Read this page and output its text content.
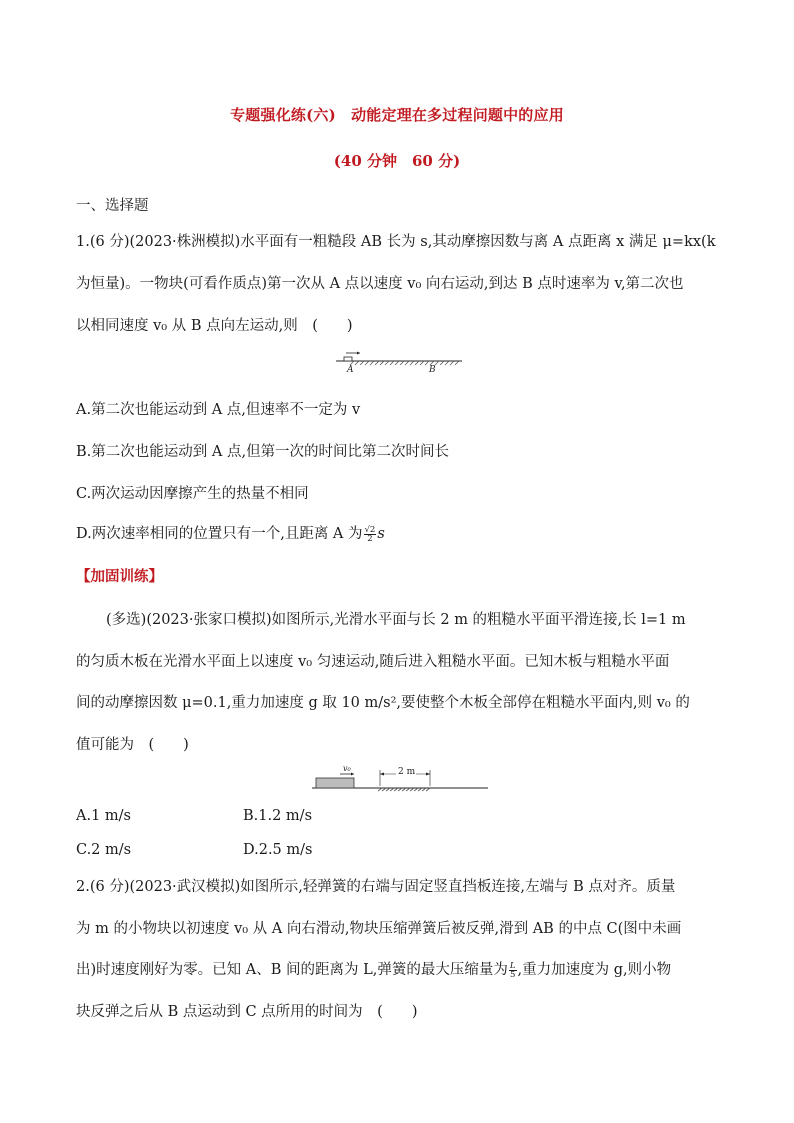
专题强化练(六)　动能定理在多过程问题中的应用
(40 分钟　60 分)
一、选择题
1.(6 分)(2023·株洲模拟)水平面有一粗糙段 AB 长为 s,其动摩擦因数与离 A 点距离 x 满足 μ=kx(k
为恒量)。一物块(可看作质点)第一次从 A 点以速度 v₀ 向右运动,到达 B 点时速率为 v,第二次也
以相同速度 v₀ 从 B 点向左运动,则　(　　)
A	B
A.第二次也能运动到 A 点,但速率不一定为 v
B.第二次也能运动到 A 点,但第一次的时间比第二次时间长
C.两次运动因摩擦产生的热量不相同
D.两次速率相同的位置只有一个,且距离 A 为 $\frac{√2}{2}$ s
【加固训练】
(多选)(2023·张家口模拟)如图所示,光滑水平面与长 2 m 的粗糙水平面平滑连接,长 l=1 m
的匀质木板在光滑水平面上以速度 v₀ 匀速运动,随后进入粗糙水平面。已知木板与粗糙水平面
间的动摩擦因数 μ=0.1,重力加速度 g 取 10 m/s²,要使整个木板全部停在粗糙水平面内,则 v₀ 的
值可能为　(　　)
v₀	2 m
A.1 m/s	B.1.2 m/s
C.2 m/s	D.2.5 m/s
2.(6 分)(2023·武汉模拟)如图所示,轻弹簧的右端与固定竖直挡板连接,左端与 B 点对齐。质量
为 m 的小物块以初速度 v₀ 从 A 向右滑动,物块压缩弹簧后被反弹,滑到 AB 的中点 C(图中未画
出)时速度刚好为零。已知 A、B 间的距离为 L,弹簧的最大压缩量为 $\frac{L}{5}$ ,重力加速度为 g,则小物
块反弹之后从 B 点运动到 C 点所用的时间为　(　　)
